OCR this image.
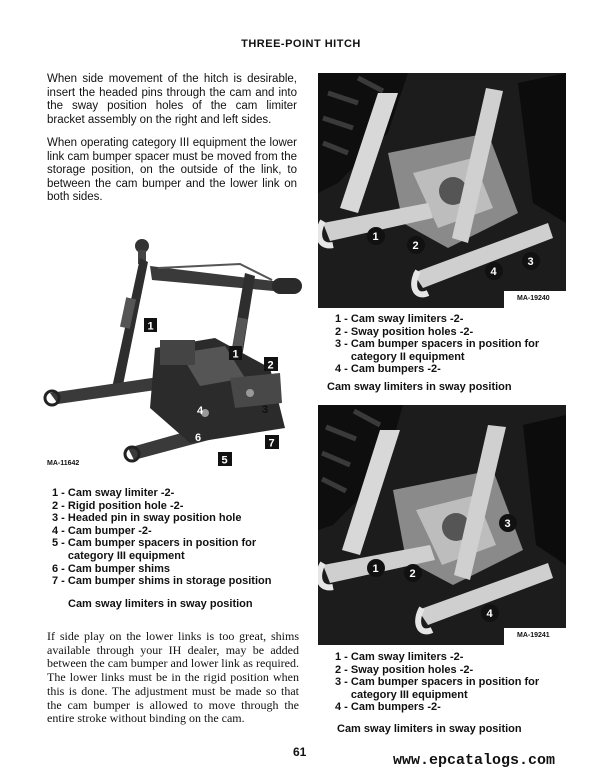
THREE-POINT HITCH
When side movement of the hitch is desirable, insert the headed pins through the cam and into the sway position holes of the cam limiter bracket assembly on the right and left sides.
When operating category III equipment the lower link cam bumper spacer must be moved from the storage position, on the outside of the link, to between the cam bumper and the lower link on both sides.
1
1
2
3
4
5
6	7
MA-11642
1 - Cam sway limiter -2-
2 - Rigid position hole -2-
3 - Headed pin in sway position hole
4 - Cam bumper -2-
5 - Cam bumper spacers in position for category III equipment
6 - Cam bumper shims
7 - Cam bumper shims in storage position
Cam sway limiters in sway position
If side play on the lower links is too great, shims available through your IH dealer, may be added between the cam bumper and lower link as required. The lower links must be in the rigid position when this is done. The adjustment must be made so that the cam bumper is allowed to move through the entire stroke without binding on the cam.
1
2
3
4
MA-19240
1 - Cam sway limiters -2-
2 - Sway position holes -2-
3 - Cam bumper spacers in position for category II equipment
4 - Cam bumpers -2-
Cam sway limiters in sway position
1	2
3
4
MA-19241
1 - Cam sway limiters -2-
2 - Sway position holes -2-
3 - Cam bumper spacers in position for category III equipment
4 - Cam bumpers -2-
Cam sway limiters in sway position
61	www.epcatalogs.com
